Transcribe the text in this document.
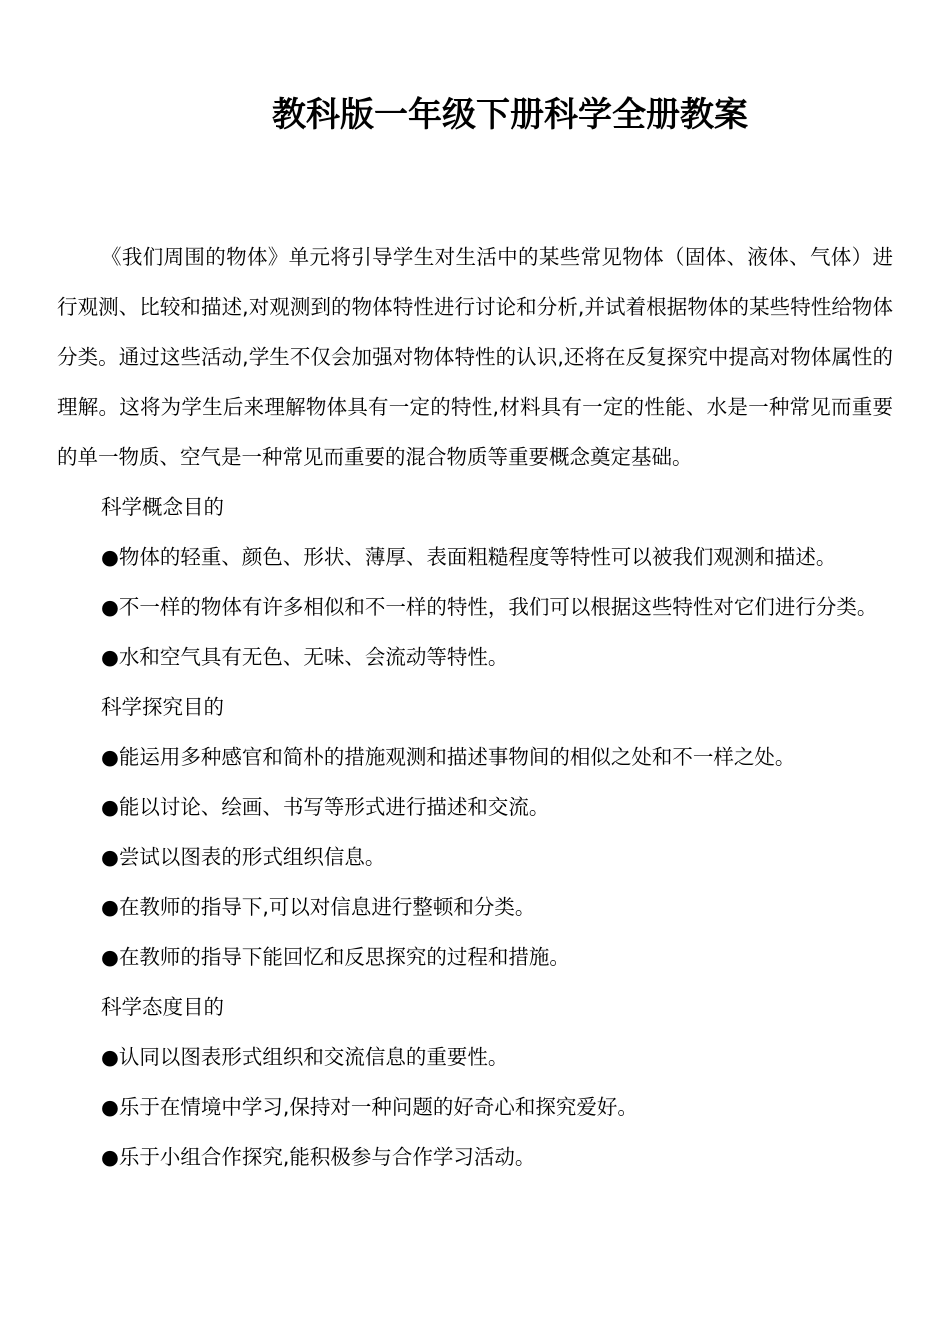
教科版一年级下册科学全册教案

《我们周围的物体》单元将引导学生对生活中的某些常见物体（固体、液体、气体）进行观测、比较和描述,对观测到的物体特性进行讨论和分析,并试着根据物体的某些特性给物体分类。通过这些活动,学生不仅会加强对物体特性的认识,还将在反复探究中提高对物体属性的理解。这将为学生后来理解物体具有一定的特性,材料具有一定的性能、水是一种常见而重要的单一物质、空气是一种常见而重要的混合物质等重要概念奠定基础。

科学概念目的

●物体的轻重、颜色、形状、薄厚、表面粗糙程度等特性可以被我们观测和描述。

●不一样的物体有许多相似和不一样的特性，我们可以根据这些特性对它们进行分类。

●水和空气具有无色、无味、会流动等特性。

科学探究目的

●能运用多种感官和简朴的措施观测和描述事物间的相似之处和不一样之处。

●能以讨论、绘画、书写等形式进行描述和交流。

●尝试以图表的形式组织信息。

●在教师的指导下,可以对信息进行整顿和分类。

●在教师的指导下能回忆和反思探究的过程和措施。

科学态度目的

●认同以图表形式组织和交流信息的重要性。

●乐于在情境中学习,保持对一种问题的好奇心和探究爱好。

●乐于小组合作探究,能积极参与合作学习活动。
